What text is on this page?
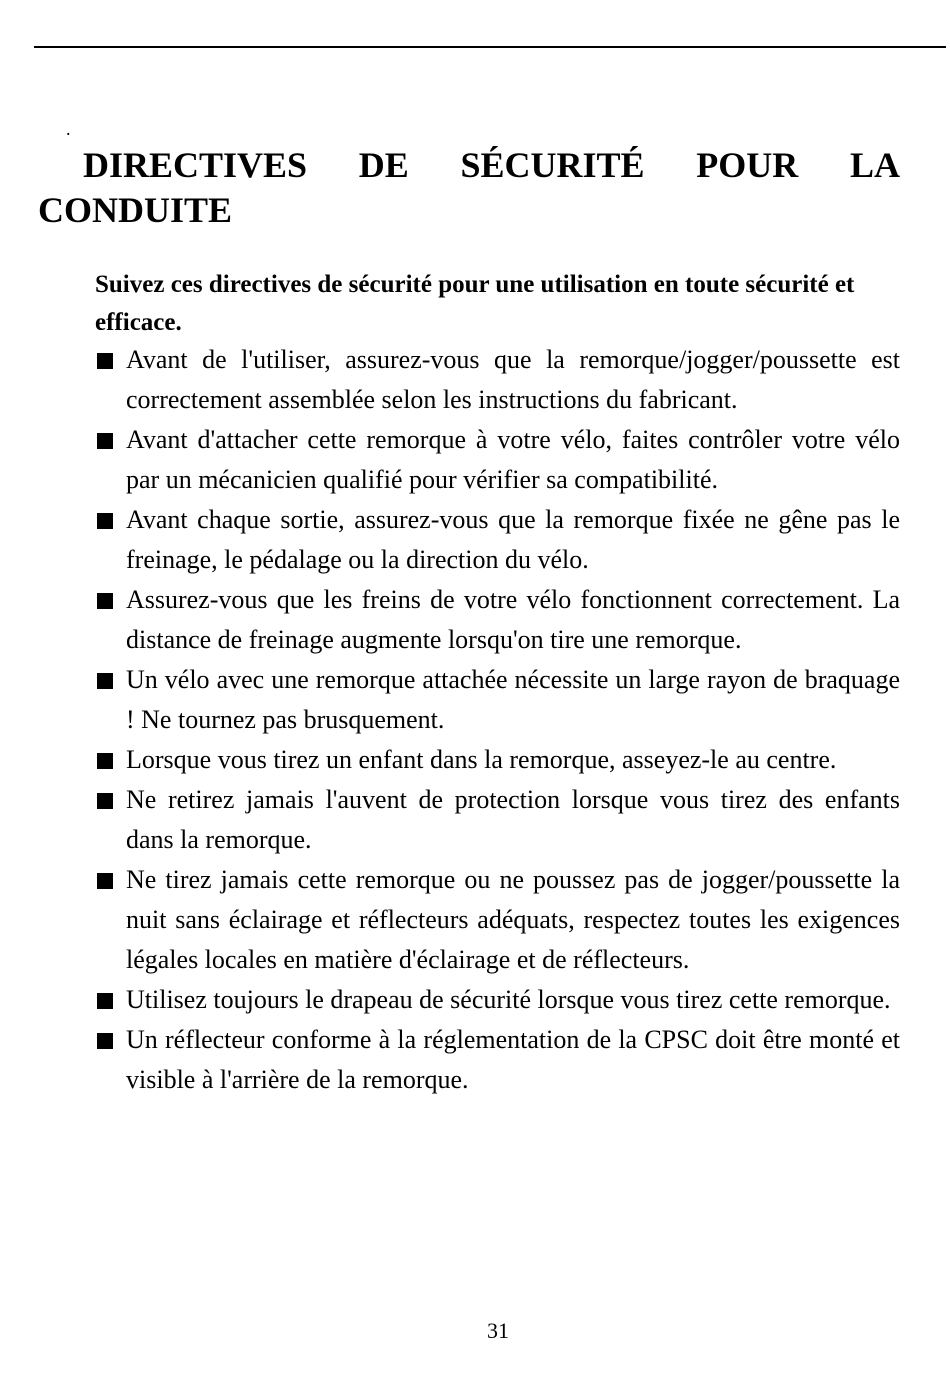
.
DIRECTIVES DE SÉCURITÉ POUR LA CONDUITE

Suivez ces directives de sécurité pour une utilisation en toute sécurité et efficace.

Avant de l'utiliser, assurez-vous que la remorque/jogger/poussette est correctement assemblée selon les instructions du fabricant.
Avant d'attacher cette remorque à votre vélo, faites contrôler votre vélo par un mécanicien qualifié pour vérifier sa compatibilité.
Avant chaque sortie, assurez-vous que la remorque fixée ne gêne pas le freinage, le pédalage ou la direction du vélo.
Assurez-vous que les freins de votre vélo fonctionnent correctement. La distance de freinage augmente lorsqu'on tire une remorque.
Un vélo avec une remorque attachée nécessite un large rayon de braquage ! Ne tournez pas brusquement.
Lorsque vous tirez un enfant dans la remorque, asseyez-le au centre.
Ne retirez jamais l'auvent de protection lorsque vous tirez des enfants dans la remorque.
Ne tirez jamais cette remorque ou ne poussez pas de jogger/poussette la nuit sans éclairage et réflecteurs adéquats, respectez toutes les exigences légales locales en matière d'éclairage et de réflecteurs.
Utilisez toujours le drapeau de sécurité lorsque vous tirez cette remorque.
Un réflecteur conforme à la réglementation de la CPSC doit être monté et visible à l'arrière de la remorque.
31
